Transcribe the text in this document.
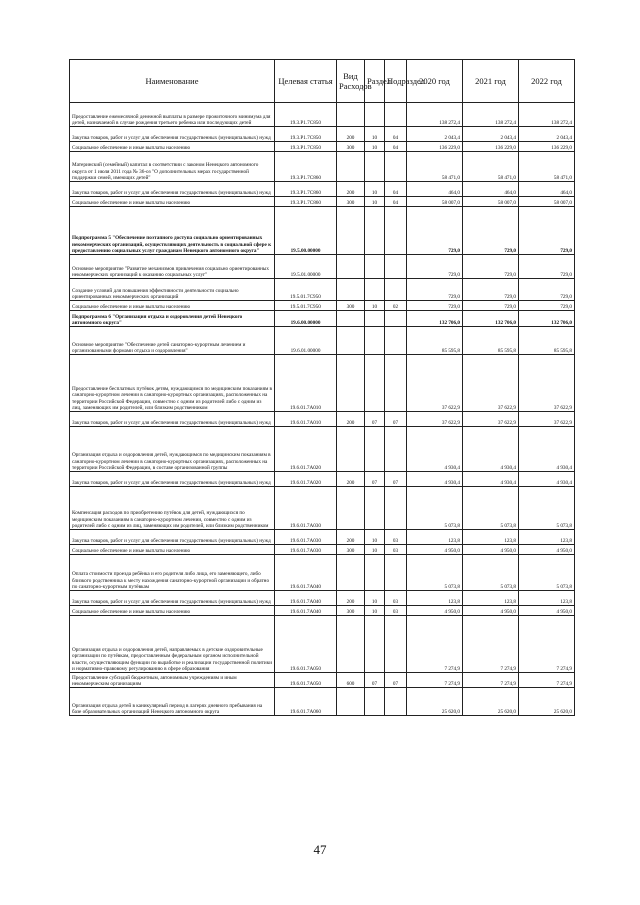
Наименование	Целевая статья	Вид Расходов	Раздел	Подраздел	2020 год	2021 год	2022 год
Предоставление ежемесячной денежной выплаты в размере прожиточного минимума для детей, назначаемой в случае рождения третьего ребенка или последующих детей	19.3.P1.7C850				138 272,4	138 272,4	138 272,4
Закупка товаров, работ и услуг для обеспечения государственных (муниципальных) нужд	19.3.P1.7C850	200	10	04	2 043,4	2 043,4	2 043,4
Социальное обеспечение и иные выплаты населению	19.3.P1.7C850	300	10	04	136 229,0	136 229,0	136 229,0
Материнский (семейный) капитал в соответствии с законом Ненецкого автономного округа от 1 июля 2011 года № 36-оз "О дополнительных мерах государственной поддержки семей, имеющих детей"	19.3.P1.7C860				58 471,0	58 471,0	58 471,0
Закупка товаров, работ и услуг для обеспечения государственных (муниципальных) нужд	19.3.P1.7C860	200	10	04	464,0	464,0	464,0
Социальное обеспечение и иные выплаты населению	19.3.P1.7C860	300	10	04	58 007,0	58 007,0	58 007,0
Подпрограмма 5 "Обеспечение поэтапного доступа социально ориентированных некоммерческих организаций, осуществляющих деятельность в социальной сфере к предоставлению социальных услуг гражданам Ненецкого автономного округа"	19.5.00.00000				729,0	729,0	729,0
Основное мероприятие "Развитие механизмов привлечения социально ориентированных некоммерческих организаций к оказанию социальных услуг"	19.5.01.00000				729,0	729,0	729,0
Создание условий для повышения эффективности деятельности социально ориентированных некоммерческих организаций	19.5.01.7C950				729,0	729,0	729,0
Социальное обеспечение и иные выплаты населению	19.5.01.7C950	300	10	02	729,0	729,0	729,0
Подпрограмма 6 "Организация отдыха и оздоровления детей Ненецкого автономного округа"	19.6.00.00000				132 706,0	132 706,0	132 706,0
Основное мероприятие "Обеспечение детей санаторно-курортным лечением и организованными формами отдыха и оздоровления"	19.6.01.00000				85 595,8	85 595,8	85 595,8
Предоставление бесплатных путёвок детям, нуждающимся по медицинским показаниям в санаторно-курортном лечении в санаторно-курортных организациях, расположенных на территории Российской Федерации, совместно с одним из родителей либо с одним из лиц, заменяющих им родителей, или близким родственником	19.6.01.7A010				37 622,9	37 622,9	37 622,9
Закупка товаров, работ и услуг для обеспечения государственных (муниципальных) нужд	19.6.01.7A010	200	07	07	37 622,9	37 622,9	37 622,9
Организация отдыха и оздоровления детей, нуждающимся по медицинским показаниям в санаторно-курортном лечении в санаторно-курортных организациях, расположенных на территории Российской Федерации, в составе организованной группы	19.6.01.7A020				4 930,4	4 930,4	4 930,4
Закупка товаров, работ и услуг для обеспечения государственных (муниципальных) нужд	19.6.01.7A020	200	07	07	4 930,4	4 930,4	4 930,4
Компенсация расходов по приобретению путёвок для детей, нуждающихся по медицинским показаниям в санаторно-курортном лечении, совместно с одним из родителей либо с одним из лиц, заменяющих им родителей, или близким родственником	19.6.01.7A030				5 073,8	5 073,8	5 073,8
Закупка товаров, работ и услуг для обеспечения государственных (муниципальных) нужд	19.6.01.7A030	200	10	03	123,8	123,8	123,8
Социальное обеспечение и иные выплаты населению	19.6.01.7A030	300	10	03	4 950,0	4 950,0	4 950,0
Оплата стоимости проезда ребёнка и его родителя либо лица, его заменяющего, либо близкого родственника к месту нахождения санаторно-курортной организации и обратно по санаторно-курортным путёвкам	19.6.01.7A040				5 073,8	5 073,8	5 073,8
Закупка товаров, работ и услуг для обеспечения государственных (муниципальных) нужд	19.6.01.7A040	200	10	03	123,8	123,8	123,8
Социальное обеспечение и иные выплаты населению	19.6.01.7A040	300	10	03	4 950,0	4 950,0	4 950,0
Организация отдыха и оздоровления детей, направляемых в детские оздоровительные организации по путёвкам, предоставленным федеральным органом исполнительной власти, осуществляющим функции по выработке и реализации государственной политики и нормативно-правовому регулированию в сфере образования	19.6.01.7A050				7 274,9	7 274,9	7 274,9
Предоставление субсидий бюджетным, автономным учреждениям и иным некоммерческим организациям	19.6.01.7A050	600	07	07	7 274,9	7 274,9	7 274,9
Организация отдыха детей в каникулярный период в лагерях дневного пребывания на базе образовательных организаций Ненецкого автономного округа	19.6.01.7A060				25 620,0	25 620,0	25 620,0
47
